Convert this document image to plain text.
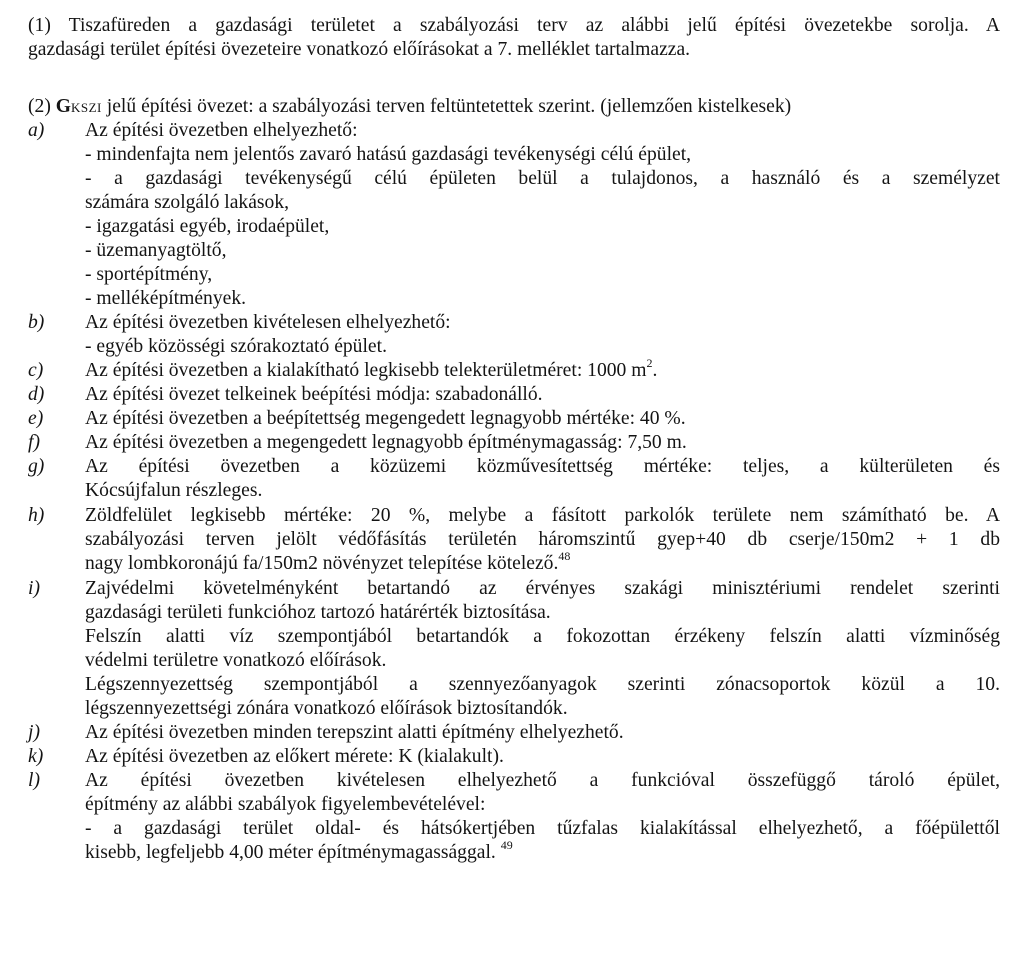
(1) Tiszafüreden a gazdasági területet a szabályozási terv az alábbi jelű építési övezetekbe sorolja. A
gazdasági terület építési övezeteire vonatkozó előírásokat a 7. melléklet tartalmazza.
(2) GKSZI jelű építési övezet: a szabályozási terven feltüntetettek szerint. (jellemzően kistelkesek)
a) Az építési övezetben elhelyezhető:
- mindenfajta nem jelentős zavaró hatású gazdasági tevékenységi célú épület,
- a gazdasági tevékenységű célú épületen belül a tulajdonos, a használó és a személyzet
számára szolgáló lakások,
- igazgatási egyéb, irodaépület,
- üzemanyagtöltő,
- sportépítmény,
- melléképítmények.
b) Az építési övezetben kivételesen elhelyezhető:
- egyéb közösségi szórakoztató épület.
c) Az építési övezetben a kialakítható legkisebb telekterületméret: 1000 $m^2$.
d) Az építési övezet telkeinek beépítési módja: szabadonálló.
e) Az építési övezetben a beépítettség megengedett legnagyobb mértéke: 40 %.
f) Az építési övezetben a megengedett legnagyobb építménymagasság: 7,50 m.
g) Az építési övezetben a közüzemi közművesítettség mértéke: teljes, a külterületen és
Kócsújfalun részleges.
h) Zöldfelület legkisebb mértéke: 20 %, melybe a fásított parkolók területe nem számítható be. A
szabályozási terven jelölt védőfásítás területén háromszintű gyep+40 db cserje/150m2 + 1 db
nagy lombkoronájú fa/150m2 növényzet telepítése kötelező.$^{48}$
i) Zajvédelmi követelményként betartandó az érvényes szakági minisztériumi rendelet szerinti
gazdasági területi funkcióhoz tartozó határérték biztosítása.
Felszín alatti víz szempontjából betartandók a fokozottan érzékeny felszín alatti vízminőség
védelmi területre vonatkozó előírások.
Légszennyezettség szempontjából a szennyezőanyagok szerinti zónacsoportok közül a 10.
légszennyezettségi zónára vonatkozó előírások biztosítandók.
j) Az építési övezetben minden terepszint alatti építmény elhelyezhető.
k) Az építési övezetben az előkert mérete: K (kialakult).
l) Az építési övezetben kivételesen elhelyezhető a funkcióval összefüggő tároló épület,
építmény az alábbi szabályok figyelembevételével:
- a gazdasági terület oldal- és hátsókertjében tűzfalas kialakítással elhelyezhető, a főépülettől
kisebb, legfeljebb 4,00 méter építménymagassággal. $^{49}$
